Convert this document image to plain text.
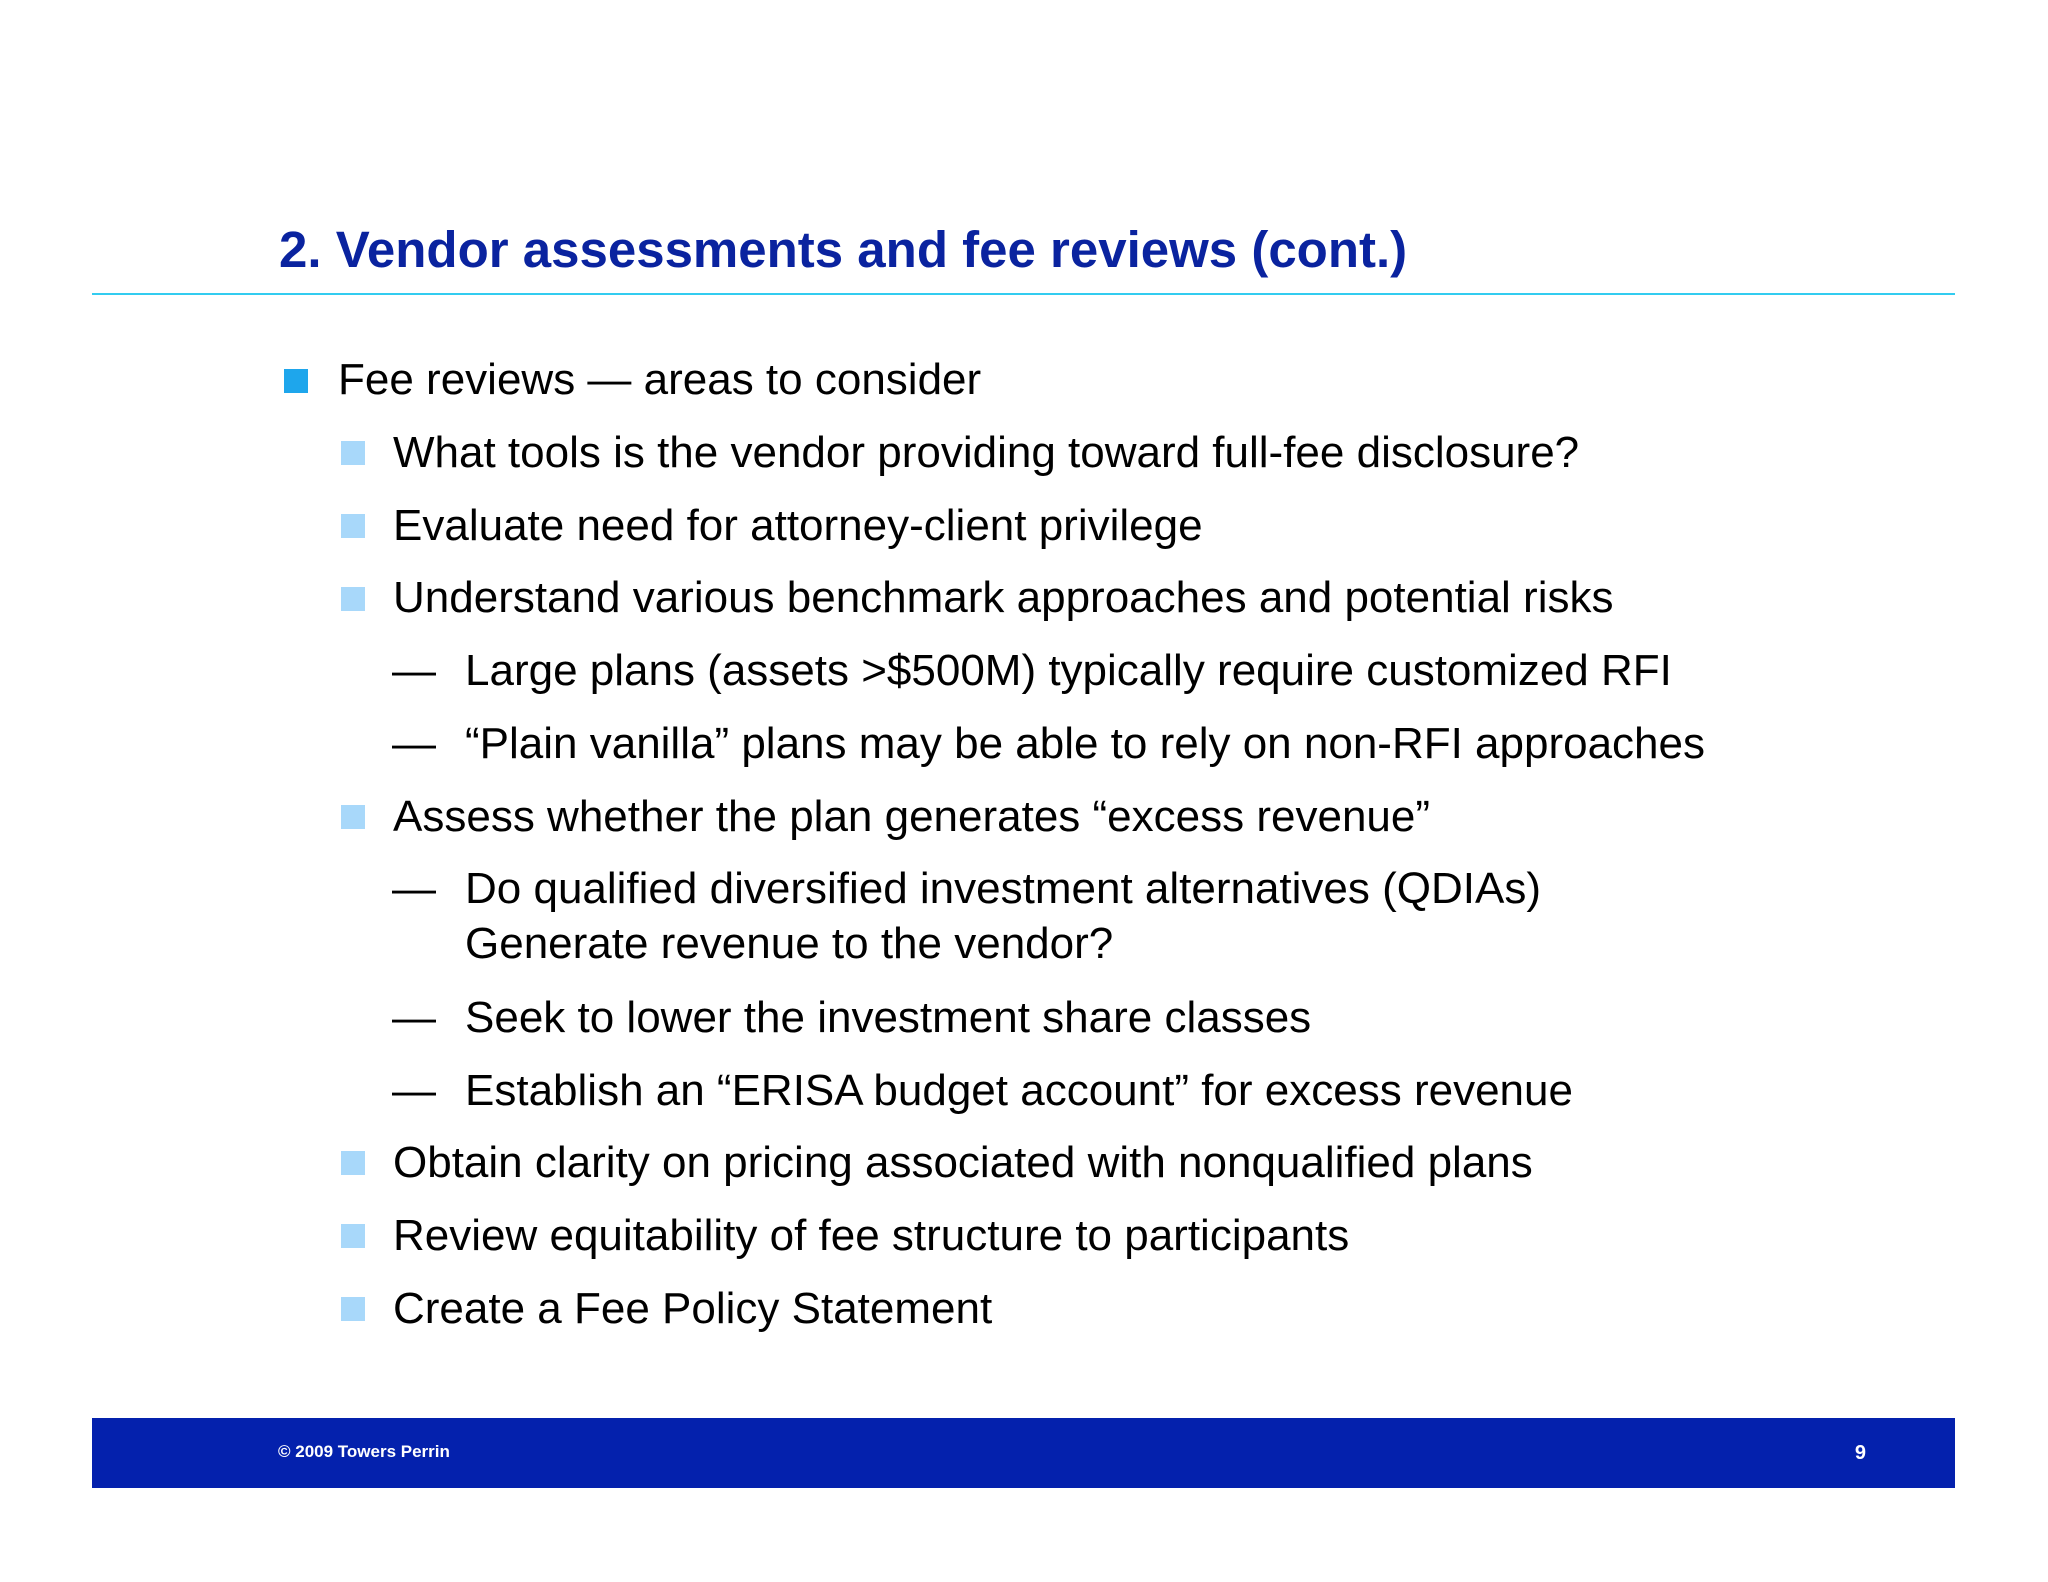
2. Vendor assessments and fee reviews (cont.)
Fee reviews — areas to consider
What tools is the vendor providing toward full-fee disclosure?
Evaluate need for attorney-client privilege
Understand various benchmark approaches and potential risks
— Large plans (assets >$500M) typically require customized RFI
— “Plain vanilla” plans may be able to rely on non-RFI approaches
Assess whether the plan generates “excess revenue”
— Do qualified diversified investment alternatives (QDIAs)
Generate revenue to the vendor?
— Seek to lower the investment share classes
— Establish an “ERISA budget account” for excess revenue
Obtain clarity on pricing associated with nonqualified plans
Review equitability of fee structure to participants
Create a Fee Policy Statement
© 2009 Towers Perrin	9
